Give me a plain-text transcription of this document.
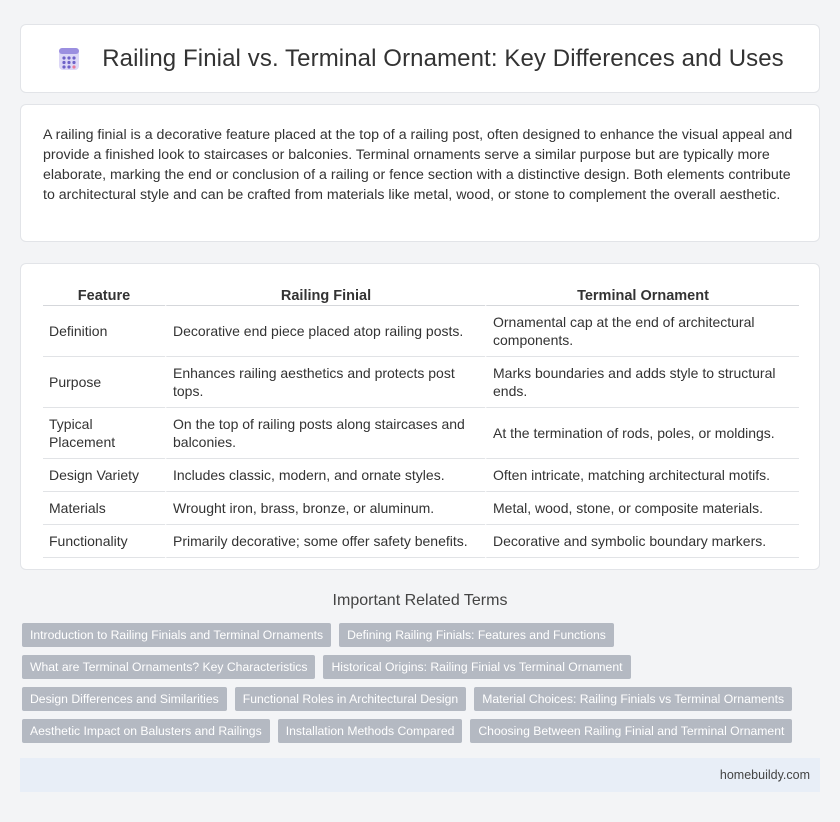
Railing Finial vs. Terminal Ornament: Key Differences and Uses

A railing finial is a decorative feature placed at the top of a railing post, often designed to enhance the visual appeal and provide a finished look to staircases or balconies. Terminal ornaments serve a similar purpose but are typically more elaborate, marking the end or conclusion of a railing or fence section with a distinctive design. Both elements contribute to architectural style and can be crafted from materials like metal, wood, or stone to complement the overall aesthetic.

Feature	Railing Finial	Terminal Ornament
Definition	Decorative end piece placed atop railing posts.	Ornamental cap at the end of architectural components.
Purpose	Enhances railing aesthetics and protects post tops.	Marks boundaries and adds style to structural ends.
Typical Placement	On the top of railing posts along staircases and balconies.	At the termination of rods, poles, or moldings.
Design Variety	Includes classic, modern, and ornate styles.	Often intricate, matching architectural motifs.
Materials	Wrought iron, brass, bronze, or aluminum.	Metal, wood, stone, or composite materials.
Functionality	Primarily decorative; some offer safety benefits.	Decorative and symbolic boundary markers.
Important Related Terms
Introduction to Railing Finials and Terminal Ornaments	Defining Railing Finials: Features and Functions
What are Terminal Ornaments? Key Characteristics	Historical Origins: Railing Finial vs Terminal Ornament
Design Differences and Similarities	Functional Roles in Architectural Design	Material Choices: Railing Finials vs Terminal Ornaments
Aesthetic Impact on Balusters and Railings	Installation Methods Compared	Choosing Between Railing Finial and Terminal Ornament
homebuildy.com
